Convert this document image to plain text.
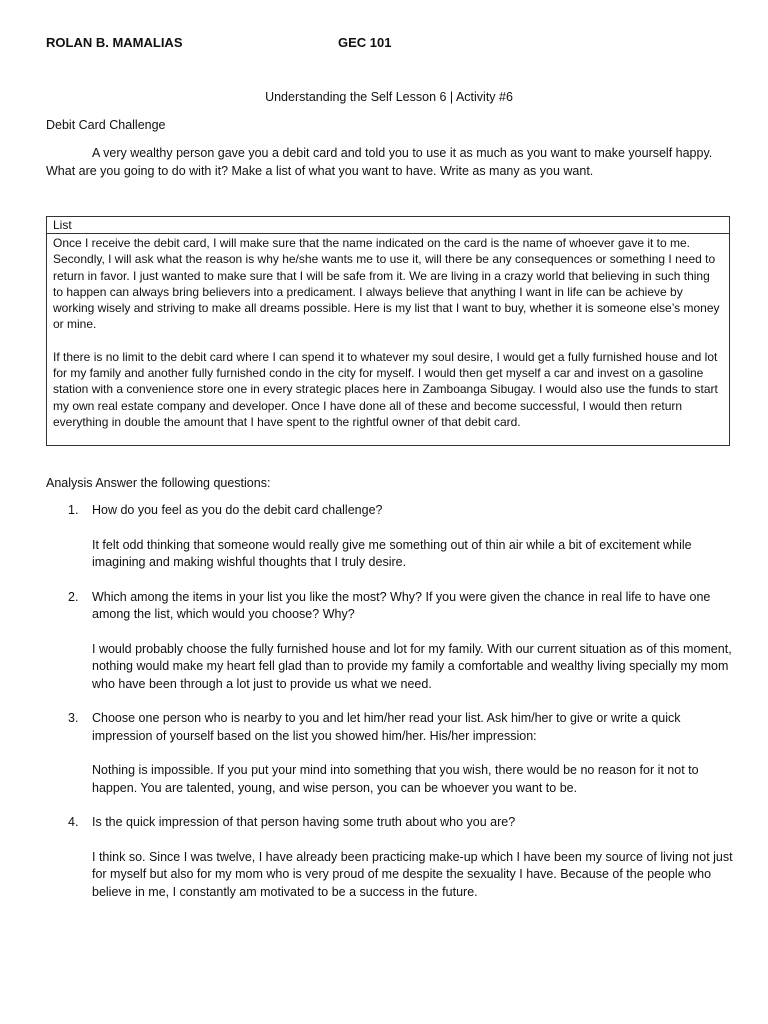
ROLAN B. MAMALIAS	GEC 101
Understanding the Self Lesson 6 | Activity #6
Debit Card Challenge

A very wealthy person gave you a debit card and told you to use it as much as you want to make yourself happy. What are you going to do with it? Make a list of what you want to have. Write as many as you want.

List

Once I receive the debit card, I will make sure that the name indicated on the card is the name of whoever gave it to me. Secondly, I will ask what the reason is why he/she wants me to use it, will there be any consequences or something I need to return in favor. I just wanted to make sure that I will be safe from it. We are living in a crazy world that believing in such thing to happen can always bring believers into a predicament. I always believe that anything I want in life can be achieve by working wisely and striving to make all dreams possible. Here is my list that I want to buy, whether it is someone else’s money or mine.

If there is no limit to the debit card where I can spend it to whatever my soul desire, I would get a fully furnished house and lot for my family and another fully furnished condo in the city for myself. I would then get myself a car and invest on a gasoline station with a convenience store one in every strategic places here in Zamboanga Sibugay. I would also use the funds to start my own real estate company and developer. Once I have done all of these and become successful, I would then return everything in double the amount that I have spent to the rightful owner of that debit card.

Analysis Answer the following questions:
1. How do you feel as you do the debit card challenge?

It felt odd thinking that someone would really give me something out of thin air while a bit of excitement while imagining and making wishful thoughts that I truly desire.

2. Which among the items in your list you like the most? Why? If you were given the chance in real life to have one among the list, which would you choose? Why?

I would probably choose the fully furnished house and lot for my family. With our current situation as of this moment, nothing would make my heart fell glad than to provide my family a comfortable and wealthy living specially my mom who have been through a lot just to provide us what we need.

3. Choose one person who is nearby to you and let him/her read your list. Ask him/her to give or write a quick impression of yourself based on the list you showed him/her. His/her impression:

Nothing is impossible. If you put your mind into something that you wish, there would be no reason for it not to happen. You are talented, young, and wise person, you can be whoever you want to be.

4. Is the quick impression of that person having some truth about who you are?

I think so. Since I was twelve, I have already been practicing make-up which I have been my source of living not just for myself but also for my mom who is very proud of me despite the sexuality I have. Because of the people who believe in me, I constantly am motivated to be a success in the future.
